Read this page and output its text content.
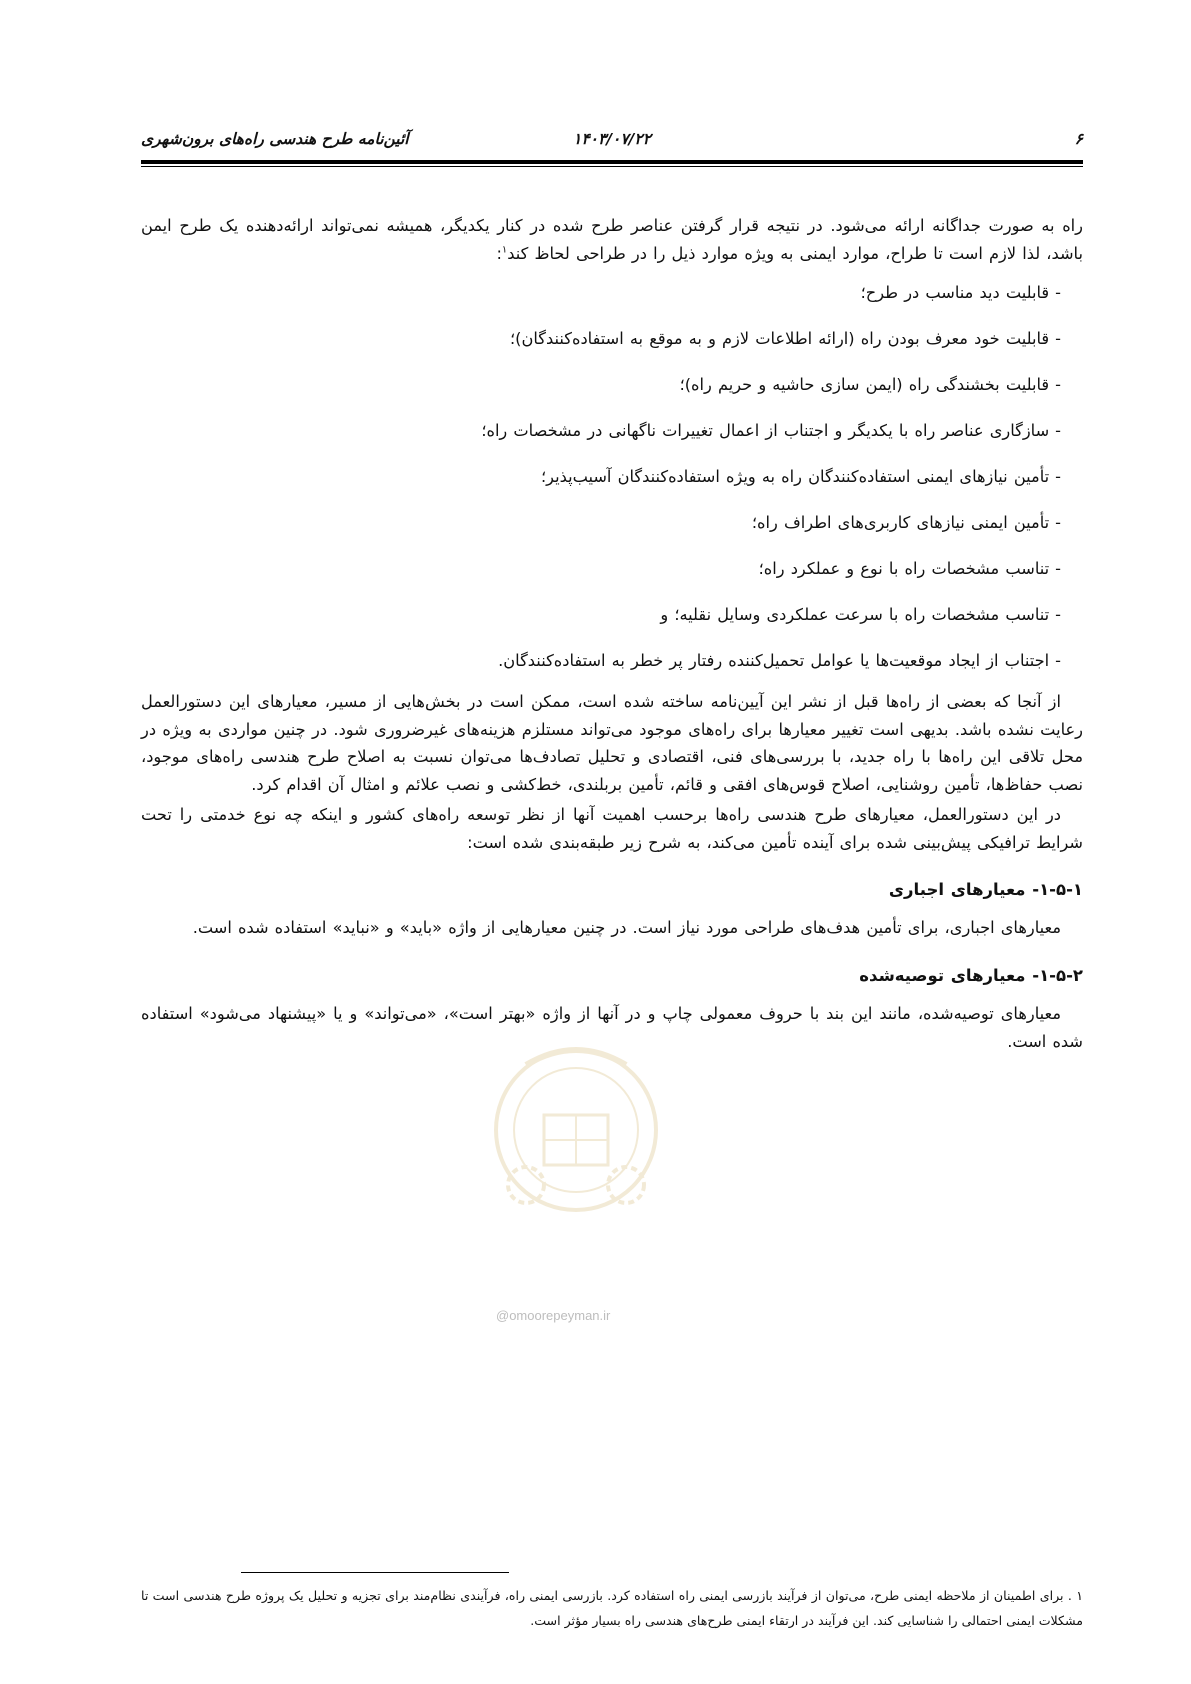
۶
۱۴۰۳/۰۷/۲۲
آئین‌نامه طرح هندسی راه‌های برون‌شهری

راه به صورت جداگانه ارائه می‌شود. در نتیجه قرار گرفتن عناصر طرح شده در کنار یکدیگر، همیشه نمی‌تواند ارائه‌دهنده یک طرح ایمن باشد، لذا لازم است تا طراح، موارد ایمنی به ویژه موارد ذیل را در طراحی لحاظ کند$^۱$:

-قابلیت دید مناسب در طرح؛
-قابلیت خود معرف بودن راه (ارائه اطلاعات لازم و به موقع به استفاده‌کنندگان)؛
-قابلیت بخشندگی راه (ایمن سازی حاشیه و حریم راه)؛
-سازگاری عناصر راه با یکدیگر و اجتناب از اعمال تغییرات ناگهانی در مشخصات راه؛
-تأمین نیازهای ایمنی استفاده‌کنندگان راه به ویژه استفاده‌کنندگان آسیب‌پذیر؛
-تأمین ایمنی نیازهای کاربری‌های اطراف راه؛
-تناسب مشخصات راه با نوع و عملکرد راه؛
-تناسب مشخصات راه با سرعت عملکردی وسایل نقلیه؛ و
-اجتناب از ایجاد موقعیت‌ها یا عوامل تحمیل‌کننده رفتار پر خطر به استفاده‌کنندگان.

از آنجا که بعضی از راه‌ها قبل از نشر این آیین‌نامه ساخته شده است، ممکن است در بخش‌هایی از مسیر، معیارهای این دستورالعمل رعایت نشده باشد. بدیهی است تغییر معیارها برای راه‌های موجود می‌تواند مستلزم هزینه‌های غیرضروری شود. در چنین مواردی به ویژه در محل تلاقی این راه‌ها با راه جدید، با بررسی‌های فنی، اقتصادی و تحلیل تصادف‌ها می‌توان نسبت به اصلاح طرح هندسی راه‌های موجود، نصب حفاظ‌ها، تأمین روشنایی، اصلاح قوس‌های افقی و قائم، تأمین بربلندی، خط‌کشی و نصب علائم و امثال آن اقدام کرد.

در این دستورالعمل، معیارهای طرح هندسی راه‌ها برحسب اهمیت آنها از نظر توسعه راه‌های کشور و اینکه چه نوع خدمتی را تحت شرایط ترافیکی پیش‌بینی شده برای آینده تأمین می‌کند، به شرح زیر طبقه‌بندی شده است:

۱-۵-۱- معیارهای اجباری

معیارهای اجباری، برای تأمین هدف‌های طراحی مورد نیاز است. در چنین معیارهایی از واژه «باید» و «نباید» استفاده شده است.

۱-۵-۲- معیارهای توصیه‌شده

معیارهای توصیه‌شده، مانند این بند با حروف معمولی چاپ و در آنها از واژه «بهتر است»، «می‌تواند» و یا «پیشنهاد می‌شود» استفاده شده است.

@omoorepeyman.ir
۱ . برای اطمینان از ملاحظه ایمنی طرح، می‌توان از فرآیند بازرسی ایمنی راه استفاده کرد. بازرسی ایمنی راه، فرآیندی نظام‌مند برای تجزیه و تحلیل یک پروژه طرح هندسی است تا مشکلات ایمنی احتمالی را شناسایی کند. این فرآیند در ارتقاء ایمنی طرح‌های هندسی راه بسیار مؤثر است.
